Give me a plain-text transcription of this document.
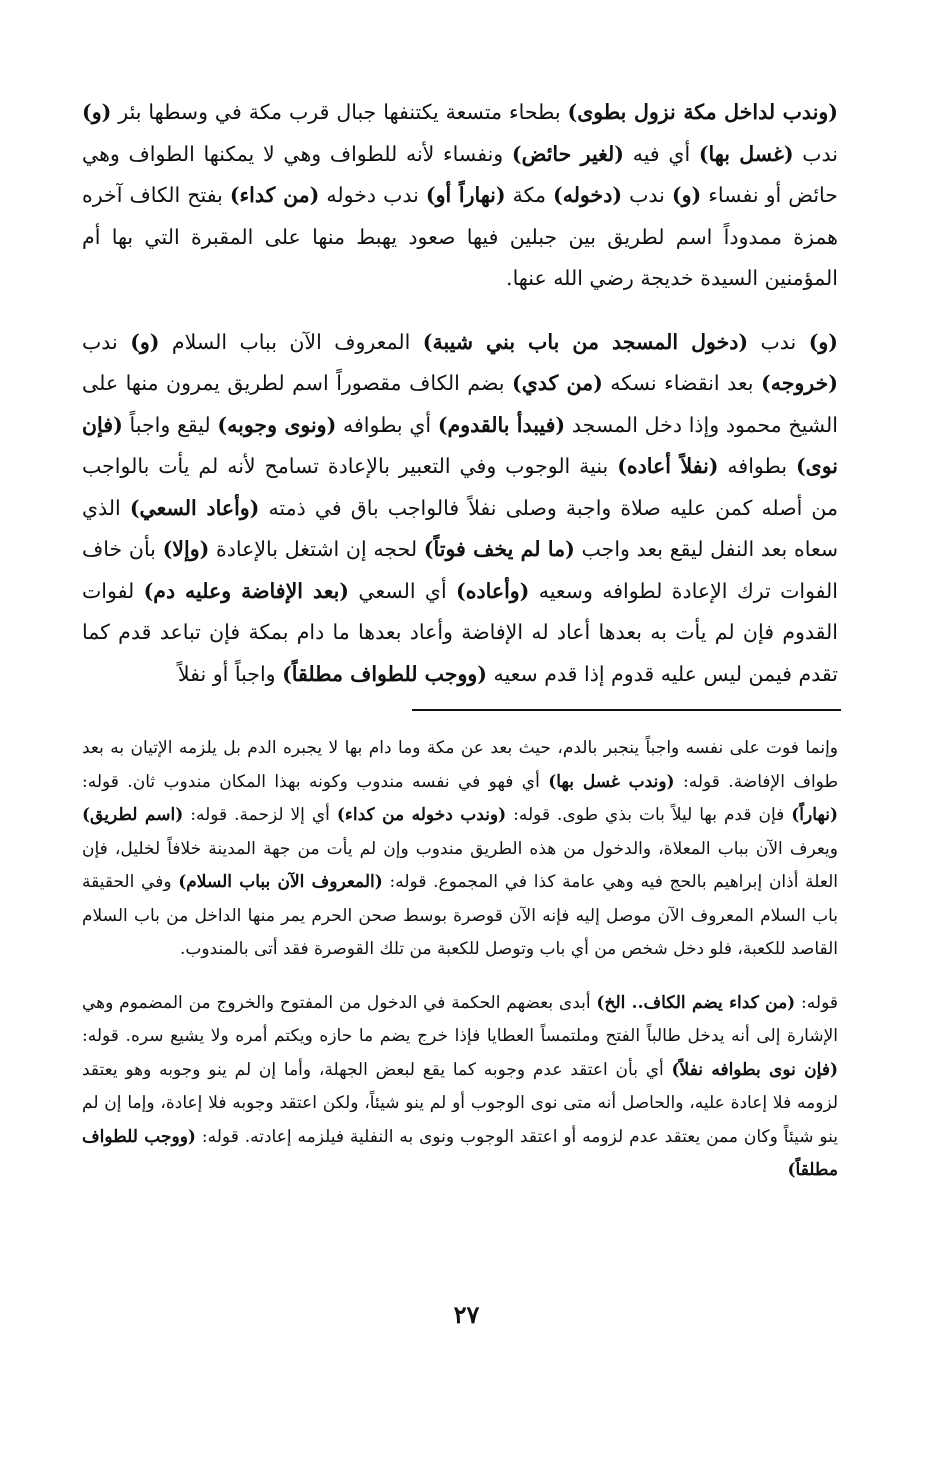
(وندب لداخل مكة نزول بطوى) بطحاء متسعة يكتنفها جبال قرب مكة في وسطها بئر (و) ندب (غسل بها) أي فيه (لغير حائض) ونفساء لأنه للطواف وهي لا يمكنها الطواف وهي حائض أو نفساء (و) ندب (دخوله) مكة (نهاراً أو) ندب دخوله (من كداء) بفتح الكاف آخره همزة ممدوداً اسم لطريق بين جبلين فيها صعود يهبط منها على المقبرة التي بها أم المؤمنين السيدة خديجة رضي الله عنها.

(و) ندب (دخول المسجد من باب بني شيبة) المعروف الآن بباب السلام (و) ندب (خروجه) بعد انقضاء نسكه (من كدي) بضم الكاف مقصوراً اسم لطريق يمرون منها على الشيخ محمود وإذا دخل المسجد (فيبدأ بالقدوم) أي بطوافه (ونوى وجوبه) ليقع واجباً (فإن نوى) بطوافه (نفلاً أعاده) بنية الوجوب وفي التعبير بالإعادة تسامح لأنه لم يأت بالواجب من أصله كمن عليه صلاة واجبة وصلى نفلاً فالواجب باق في ذمته (وأعاد السعي) الذي سعاه بعد النفل ليقع بعد واجب (ما لم يخف فوتاً) لحجه إن اشتغل بالإعادة (وإلا) بأن خاف الفوات ترك الإعادة لطوافه وسعيه (وأعاده) أي السعي (بعد الإفاضة وعليه دم) لفوات القدوم فإن لم يأت به بعدها أعاد له الإفاضة وأعاد بعدها ما دام بمكة فإن تباعد قدم كما تقدم فيمن ليس عليه قدوم إذا قدم سعيه (ووجب للطواف مطلقاً) واجباً أو نفلاً

وإنما فوت على نفسه واجباً ينجبر بالدم، حيث بعد عن مكة وما دام بها لا يجبره الدم بل يلزمه الإتيان به بعد طواف الإفاضة. قوله: (وندب غسل بها) أي فهو في نفسه مندوب وكونه بهذا المكان مندوب ثان. قوله: (نهاراً) فإن قدم بها ليلاً بات بذي طوى. قوله: (وندب دخوله من كداء) أي إلا لزحمة. قوله: (اسم لطريق) ويعرف الآن بباب المعلاة، والدخول من هذه الطريق مندوب وإن لم يأت من جهة المدينة خلافاً لخليل، فإن العلة أذان إبراهيم بالحج فيه وهي عامة كذا في المجموع. قوله: (المعروف الآن بباب السلام) وفي الحقيقة باب السلام المعروف الآن موصل إليه فإنه الآن قوصرة بوسط صحن الحرم يمر منها الداخل من باب السلام القاصد للكعبة، فلو دخل شخص من أي باب وتوصل للكعبة من تلك القوصرة فقد أتى بالمندوب.

قوله: (من كداء يضم الكاف.. الخ) أبدى بعضهم الحكمة في الدخول من المفتوح والخروج من المضموم وهي الإشارة إلى أنه يدخل طالباً الفتح وملتمساً العطايا فإذا خرج يضم ما حازه ويكتم أمره ولا يشيع سره. قوله: (فإن نوى بطوافه نفلاً) أي بأن اعتقد عدم وجوبه كما يقع لبعض الجهلة، وأما إن لم ينو وجوبه وهو يعتقد لزومه فلا إعادة عليه، والحاصل أنه متى نوى الوجوب أو لم ينو شيئاً، ولكن اعتقد وجوبه فلا إعادة، وإما إن لم ينو شيئاً وكان ممن يعتقد عدم لزومه أو اعتقد الوجوب ونوى به النفلية فيلزمه إعادته. قوله: (ووجب للطواف مطلقاً)

٢٧
